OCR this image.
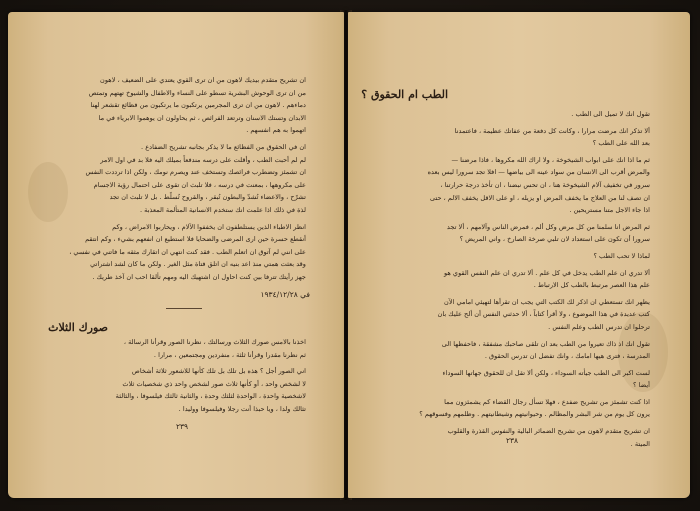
ان تشريح متقدم بيديك لاهون من ان ترى القوي يعتدي على الضعيف ، لاهون
من ان ترى الوحوش البشرية تسطو على النساء والاطفال والشيوخ تهتهم وتمتص
دماءهم . لاهون من ان ترى المجرمين يرتكبون ما يرتكبون من فظائع تقشعر لهنا
الابدان وتستك الاسنان وترتعد الفرائص ، ثم يحاولون ان يوهموا الابرياء في ما
اتهموا به هم انفسهم .
ان في الحقوق من الفظائع ما لا يذكر بجانبه تشريح الضفادع .
لم لم أحبت الطب ، وأقلت على درسه مندفعاً بميلك اليه فلا بد في اول الامر
ان تشمئز وتضطرب فرائصك وتستخف عند ويصرم نومك ، ولكن اذا ترددت النفس
على مكروهها ، بمعنت في درسه ، فلا تلبث ان تقوى على احتمال رؤية الاجسام
تشرّح ، والاعضاء تُشدّ والبطون تُبقر ، والقروح تُسلّط . بل لا تلبث ان تجد
لذة في ذلك اذا علمت انك ستخدم الانسانية المتألمة المعذبة .
انظر الاطباء الذين يستلطفون ان يخففوا الآلام ، ويحاربوا الامراض ، وكم
أنقطع حسرة حين ارى المرضى والضحايا فلا استطيع ان انفعهم بشيء ، وكم انتقم
على انني لم آتوق ان اتعلم الطب . فقد كنت انتهي ان اتقارك مثقه ما فاتني في نفسي ،
وقد بعثت همتي منذ اعد بنيه ان اتلق فتاة مثل الغير . ولكن ما كان لشد اشتراتي
جهز رأيتك تترفا بين كنت احاول ان اشتهيك اليه ومهم تألقا احب ان آخذ طريك .
في ١٩٣٤/١٢/٢٨
صورك الثلاث
اخذنا بالامس صورك الثلاث ورسالتك ، نظرنا الصور وقرأنا الرسالة ،
ثم نظرنا مقدرا وقرأنا ثلثة ، منفردين ومجتمعين ، مرارا .
اني الصور أجل ؟ هذه بل تلك بل تلك كأنها للاشعور ثلاثة أشخاص
لا لشخص واحد ، أو كأنها ثلاث صور لشخص واحد ذي شخصيات ثلاث
لاشخصية واحدة ، الواحدة لثلثك وحدة ، والثانية ثالثك فيلسوفا ، والثالثة
تثالك ولدا ، ويا حبذا أنت رجلا وفيلسوفا ووليدا .
٢٣٩
الطب ام الحقوق ؟
تقول انك لا تميل الى الطب .
ألا تذكر انك مرضت مرارا ، وكانت كل دفعة من عفاتك عظيمة ، فاعتمدنا
بعد الله على الطب ؟
ثم ما اذا انك على ابواب الشيخوخة ، ولا اراك الله مكروها ، فاذا مرضنا —
والمرض أقرب الى الانسان من سواد عينه الى بياضها — افلا تجد سرورا ليس بعده
سرور في تخفيف آلام الشيخوخة هنا ، ان تحس نبضنا ، ان تأخذ درجة حرارتنا ،
ان تصف لنا من العلاج ما يخفف المرض او يزيله ، او على الاقل يخفف الالم ، حتى
اذا جاء الاجل متنا مستريحين .
ثم المرض انا سلمنا من كل مرض وكل ألم ، فمرض الناس وآلامهم ، ألا تجد
سرورا أن تكون على استعداد لان تلبي صرخة الصارخ ، واني المريض ؟
لماذا لا تحب الطب ؟
ألا تدري ان علم الطب يدخل في كل علم . ألا تدري ان علم النفس القوي هو
علم هذا العصر مرتبط بالطب كل الارتباط .
يظهر انك تستعطي ان اذكر لك الكتب التي يجب ان تقرأها لتهيئي امامي الآن
كتب عديدة في هذا الموضوع ، ولا أقرأ كتاباً ، ألا حدثني النفس أن ألح عليك بان
ترحلوا ان تدرس الطب وعلم النفس .
تقول انك اذ ذاك تعيروا من الطب بعد ان تلقى صاحبك مشفقة ، فاحفظها الى
المدرسة ، فترى هيها امامك ، وانك تفضل ان تدرس الحقوق .
لست اكبر الى الطب جيأته السوداء ، ولكن ألا تقل ان للحقوق جهاتها السوداء
أيضا ؟
اذا كنت تشمئز من تشريح ضفدع ، فهلا تسأل رجال القضاء كم يشمئزون مما
يرون كل يوم من شر البشر والمظالم . وحيوانيتهم وشيطانيتهم . وظلمهم وفسوقهم ؟
ان تشريح متقدم لاهون من تشريح الضمائر البالية والنفوس القذرة والقلوب
الميتة .
٢٣٨
